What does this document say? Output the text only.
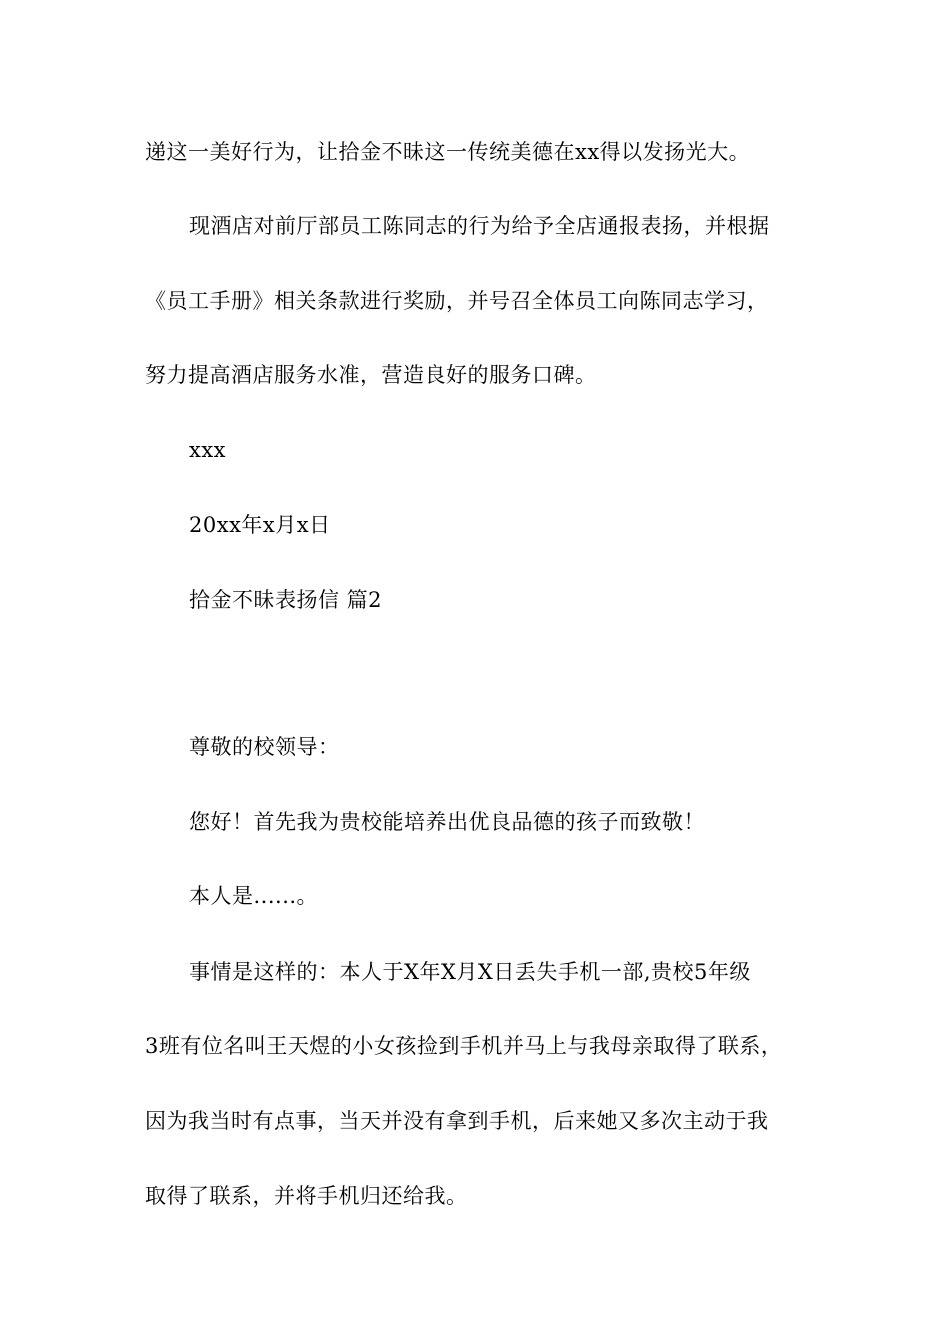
递这一美好行为，让拾金不昧这一传统美德在xx得以发扬光大。
现酒店对前厅部员工陈同志的行为给予全店通报表扬，并根据
《员工手册》相关条款进行奖励，并号召全体员工向陈同志学习，
努力提高酒店服务水准，营造良好的服务口碑。
xxx
20xx年x月x日
拾金不昧表扬信 篇2
尊敬的校领导：
您好！首先我为贵校能培养出优良品德的孩子而致敬！
本人是......。
事情是这样的：本人于X年X月X日丢失手机一部,贵校5年级
3班有位名叫王天煜的小女孩捡到手机并马上与我母亲取得了联系，
因为我当时有点事，当天并没有拿到手机，后来她又多次主动于我
取得了联系，并将手机归还给我。
